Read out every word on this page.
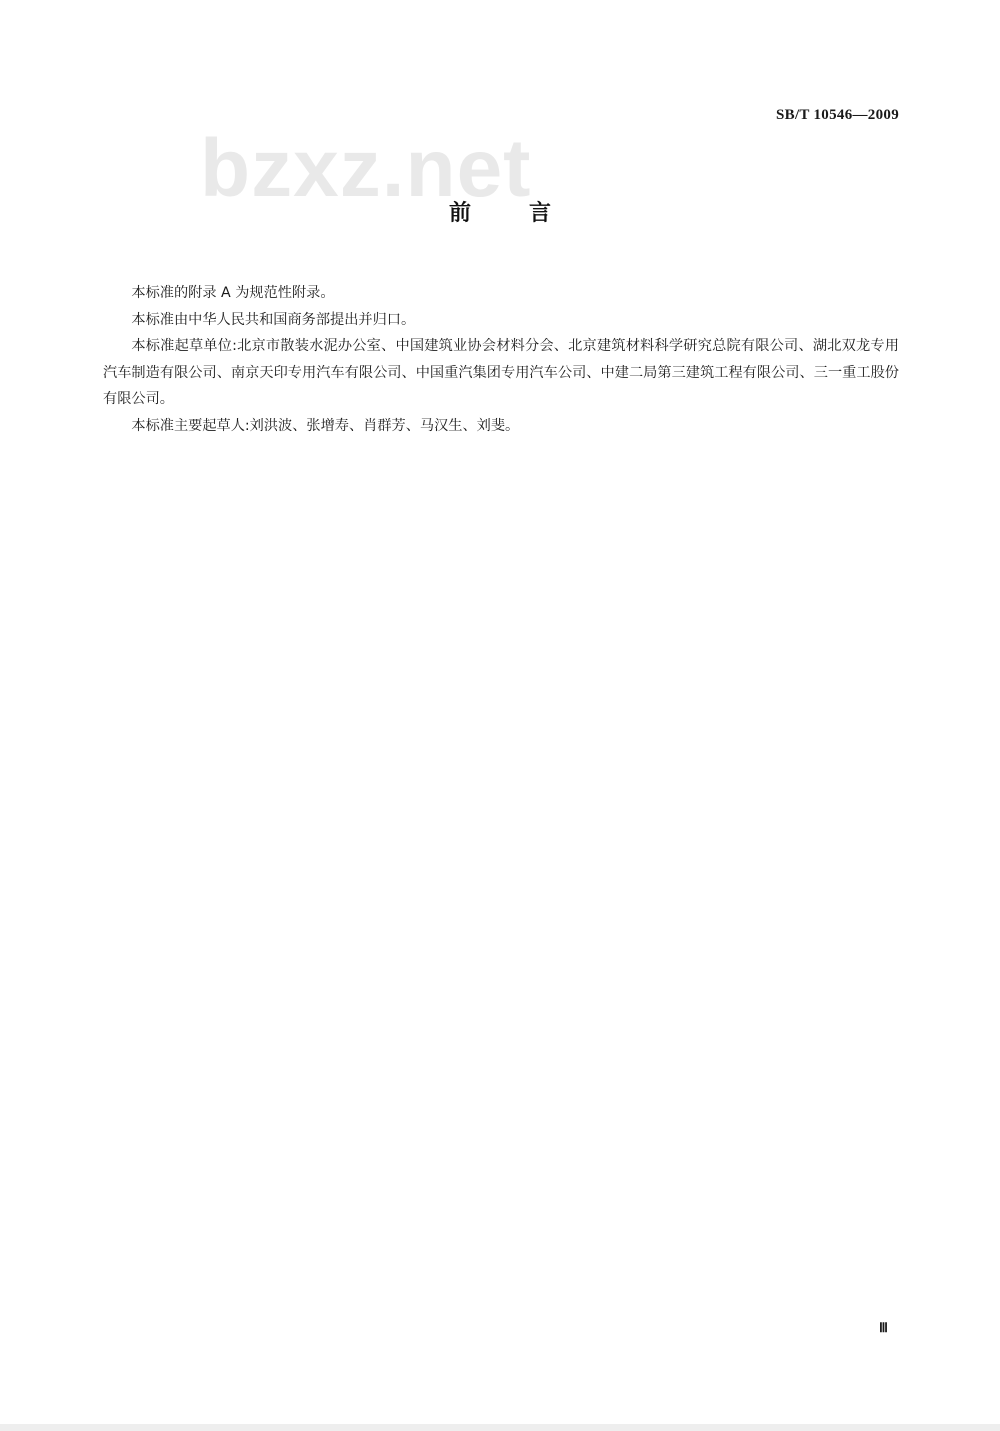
bzxz.net
SB/T 10546—2009
前言

本标准的附录 A 为规范性附录。

本标准由中华人民共和国商务部提出并归口。

本标准起草单位:北京市散装水泥办公室、中国建筑业协会材料分会、北京建筑材料科学研究总院有限公司、湖北双龙专用汽车制造有限公司、南京天印专用汽车有限公司、中国重汽集团专用汽车公司、中建二局第三建筑工程有限公司、三一重工股份有限公司。

本标准主要起草人:刘洪波、张增寿、肖群芳、马汉生、刘斐。

Ⅲ
